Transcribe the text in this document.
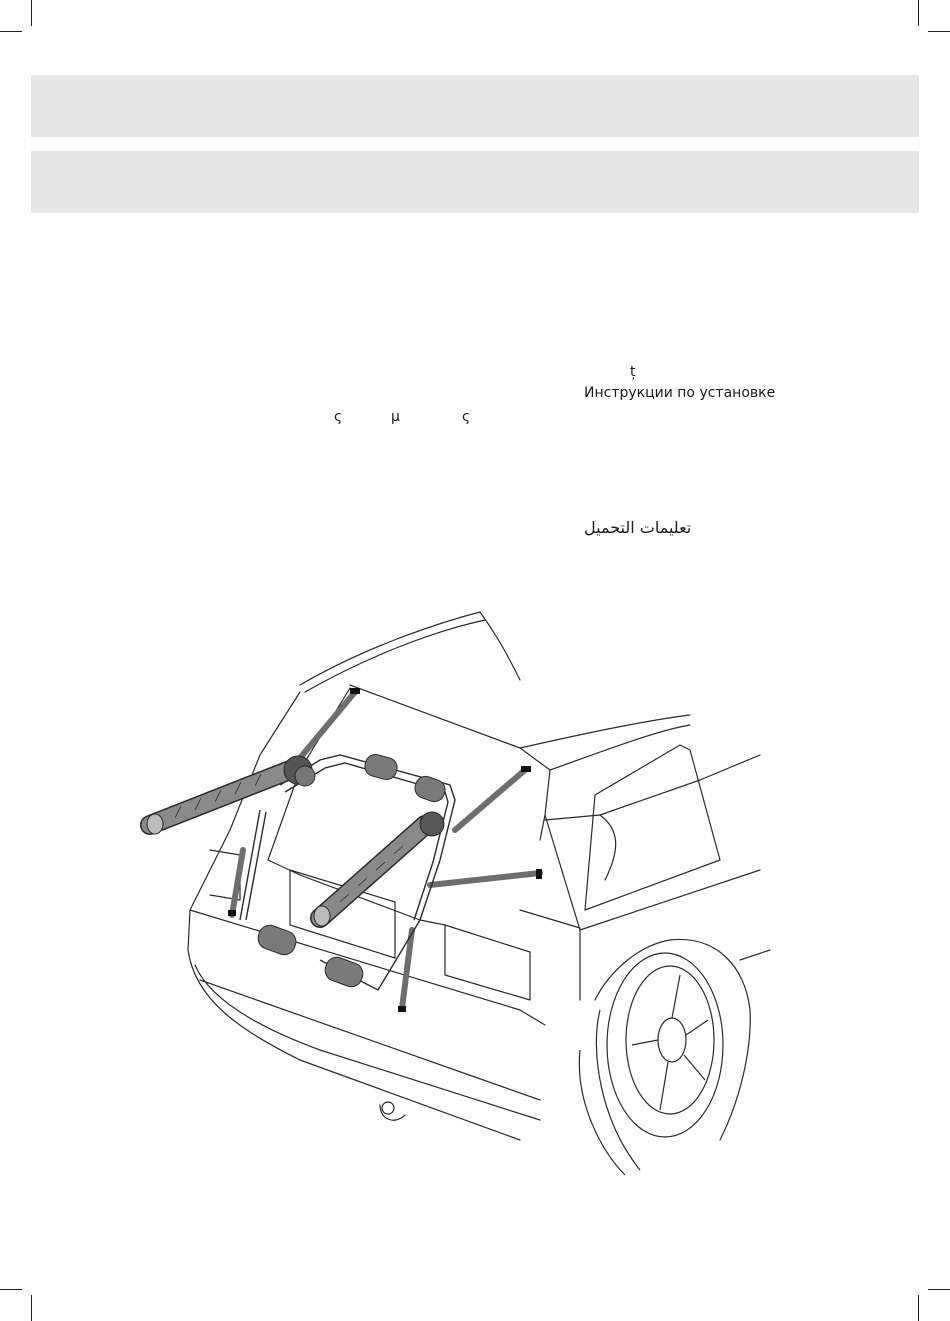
ς	µ	ς
ț
Инструкции по установке
تعليمات التحميل
